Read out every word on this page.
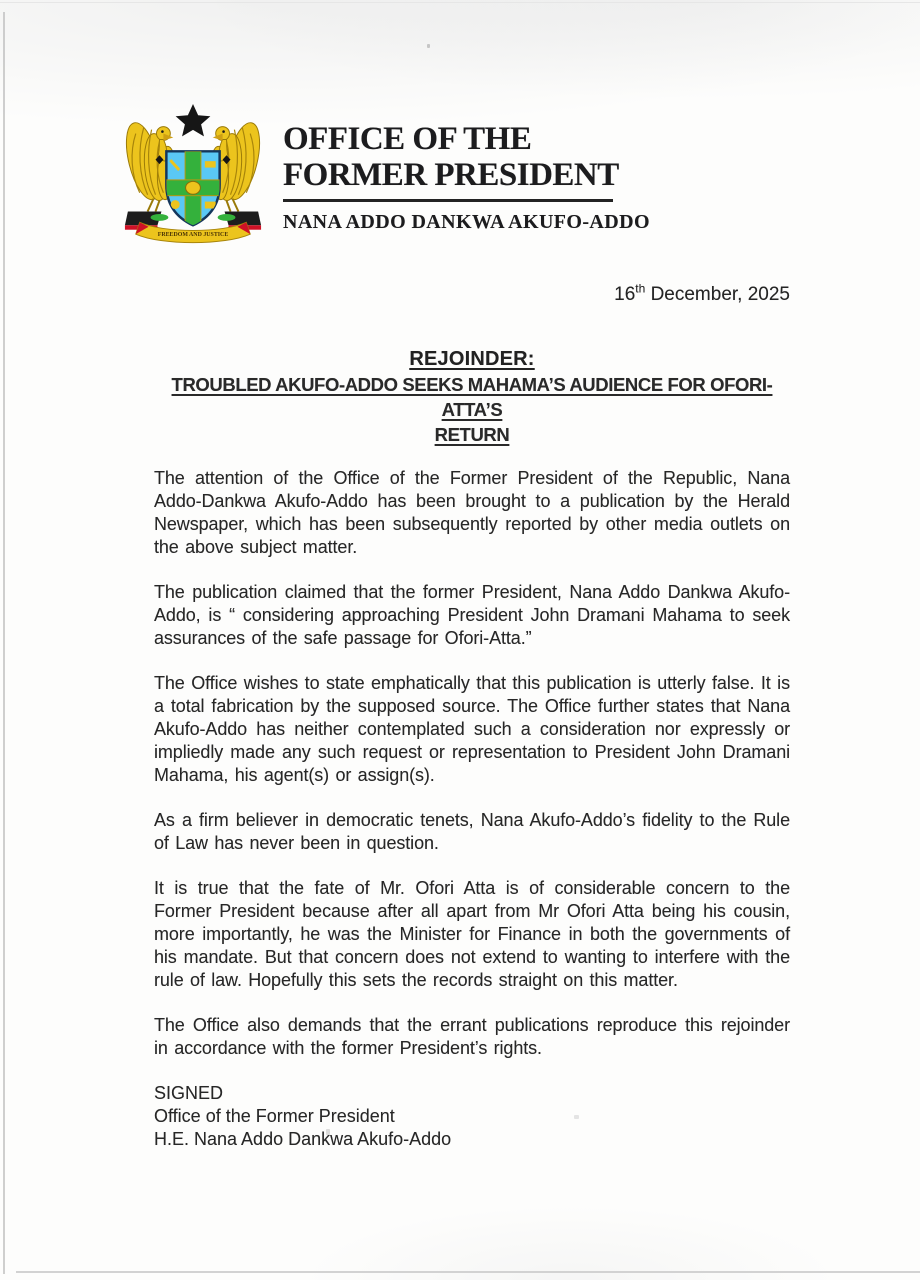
FREEDOM AND JUSTICE
OFFICE OF THE
FORMER PRESIDENT
NANA ADDO DANKWA AKUFO-ADDO
16th December, 2025
REJOINDER:
TROUBLED AKUFO-ADDO SEEKS MAHAMA’S AUDIENCE FOR OFORI-ATTA’S
RETURN

The attention of the Office of the Former President of the Republic, Nana Addo-Dankwa Akufo-Addo has been brought to a publication by the Herald Newspaper, which has been subsequently reported by other media outlets on the above subject matter.

The publication claimed that the former President, Nana Addo Dankwa Akufo-Addo, is “ considering approaching President John Dramani Mahama to seek assurances of the safe passage for Ofori-Atta.”

The Office wishes to state emphatically that this publication is utterly false. It is a total fabrication by the supposed source. The Office further states that Nana Akufo-Addo has neither contemplated such a consideration nor expressly or impliedly made any such request or representation to President John Dramani Mahama, his agent(s) or assign(s).

As a firm believer in democratic tenets, Nana Akufo-Addo’s fidelity to the Rule of Law has never been in question.

It is true that the fate of Mr. Ofori Atta is of considerable concern to the Former President because after all apart from Mr Ofori Atta being his cousin, more importantly, he was the Minister for Finance in both the governments of his mandate. But that concern does not extend to wanting to interfere with the rule of law. Hopefully this sets the records straight on this matter.

The Office also demands that the errant publications reproduce this rejoinder in accordance with the former President’s rights.

SIGNED
Office of the Former President
H.E. Nana Addo Dankwa Akufo-Addo
